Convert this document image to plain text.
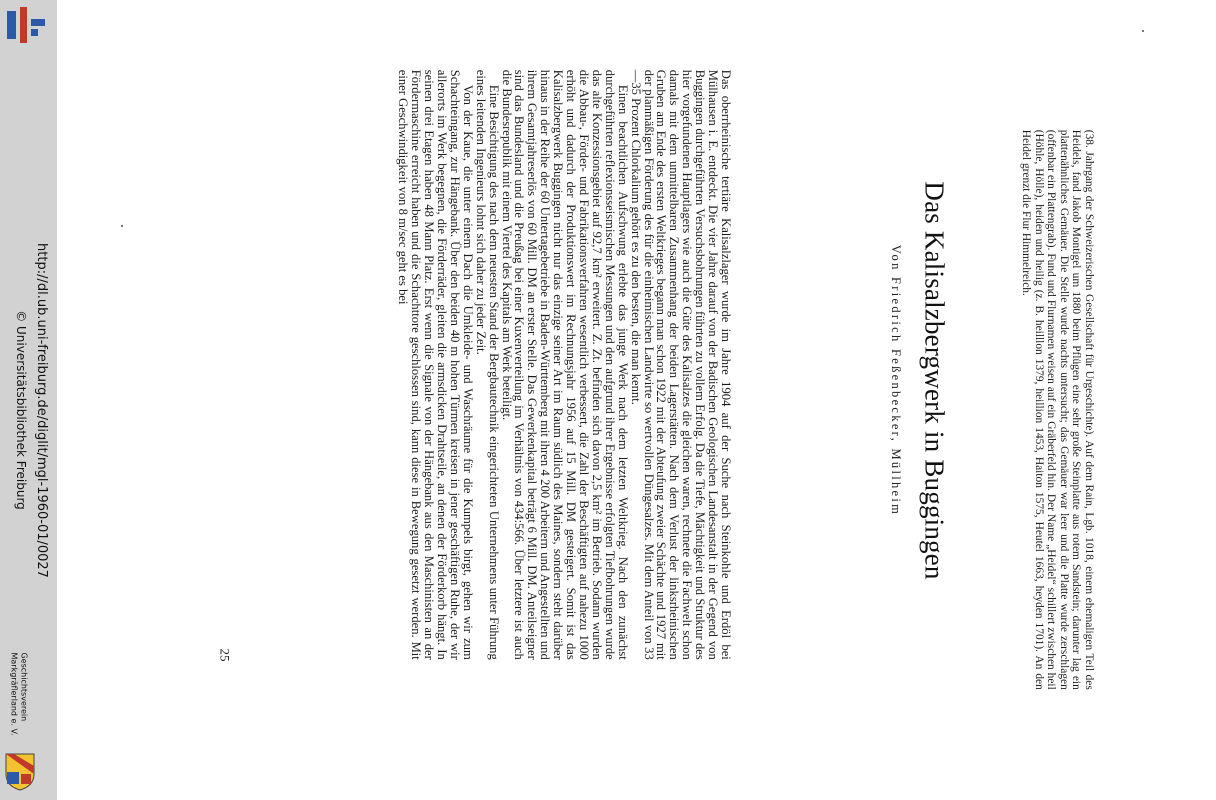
http://dl.ub.uni-freiburg.de/diglit/mgl-1960-01/0027
© Universitätsbibliothek Freiburg
Geschichtsverein
Markgräflerland e. V.

(38. Jahrgang der Schweizerischen Gesellschaft für Urgeschichte). Auf dem Rain, Lgb. 1018, einem ehemaligen Teil des Heidels, fand Jakob Montigel um 1880 beim Pflügen eine sehr große Steinplatte aus rotem Sandstein; darunter lag ein plattenähnliches Gemäuer. Die Stelle wurde nachts untersucht; das Gemäuer war leer und die Platte wurde zerschlagen (offenbar ein Plattengrab). Fund und Flurnamen weisen auf ein Gräberfeld hin. Der Name „Heidel“ schillert zwischen heil (Höhle, Hölle), heiden und heilig (z. B. heilllon 1379, heillion 1453, Haiton 1575, Heutel 1663, heyden 1701). An den Heidel grenzt die Flur Himmelreich.

Das Kalisalzbergwerk in Buggingen
Von Friedrich Feßenbecker, Müllheim

Das oberrheinische tertiäre Kalisalzlager wurde im Jahre 1904 auf der Suche nach Steinkohle und Erdöl bei Mülhausen i. E. entdeckt. Die vier Jahre darauf von der Badischen Geologischen Landesanstalt in der Gegend von Buggingen durchgeführten Versuchsbohrungen führten zu vollem Erfolg. Da die Tiefe, Mächtigkeit und Struktur des hier vorgefundenen Hauptlagers wie auch die Güte des Kalisalzes die gleichen waren, rechnete die Fachwelt schon damals mit dem unmittelbaren Zusammenhang der beiden Lagerstätten. Nach dem Verlust der linksrheinischen Gruben am Ende des ersten Weltkrieges begann man schon 1922 mit der Abteufung zweier Schächte und 1927 mit der planmäßigen Förderung des für die einheimischen Landwirte so wertvollen Düngesalzes. Mit dem Anteil von 33—35 Prozent Chlorkalium gehört es zu den besten, die man kennt.

Einen beachtlichen Aufschwung erlebte das junge Werk nach dem letzten Weltkrieg. Nach den zunächst durchgeführten reflexionsseismischen Messungen und den aufgrund ihrer Ergebnisse erfolgten Tiefbohrungen wurde das alte Konzessionsgebiet auf 92,7 km² erweitert. Z. Zt. befinden sich davon 2,5 km² im Betrieb. Sodann wurden die Abbau-, Förder- und Fabrikationsverfahren wesentlich verbessert, die Zahl der Beschäftigten auf nahezu 1000 erhöht und dadurch der Produktionswert im Rechnungsjahr 1956 auf 15 Mill. DM gesteigert. Somit ist das Kalisalzbergwerk Buggingen nicht nur das einzige seiner Art im Raum südlich des Maines, sondern steht darüber hinaus in der Reihe der 60 Untertagebetriebe in Baden-Württemberg mit ihren 4 200 Arbeitern und Angestellten und ihrem Gesamtjahreserlös von 60 Mill. DM an erster Stelle. Das Gewerkenkapital beträgt 6 Mill. DM. Anteilseigner sind das Bundesland und die Preußag bei einer Kuxenverteilung im Verhältnis von 434:566. Über letztere ist auch die Bundesrepublik mit einem Viertel des Kapitals am Werk beteiligt.

Eine Besichtigung des nach dem neuesten Stand der Bergbautechnik eingerichteten Unternehmens unter Führung eines leitenden Ingenieurs lohnt sich daher zu jeder Zeit.

Von der Kaue, die unter einem Dach die Umkleide- und Waschräume für die Kumpels birgt, gehen wir zum Schachteingang, zur Hängebank. Über den beiden 40 m hohen Türmen kreisen in jener geschäftigen Ruhe, der wir allerorts im Werk begegnen, die Förderräder, gleiten die armsdicken Drahtseile, an denen der Förderkorb hängt. In seinen drei Etagen haben 48 Mann Platz. Erst wenn die Signale von der Hängebank aus den Maschinisten an der Fördermaschine erreicht haben und die Schachttore geschlossen sind, kann diese in Bewegung gesetzt werden. Mit einer Geschwindigkeit von 8 m/sec geht es bei

25
